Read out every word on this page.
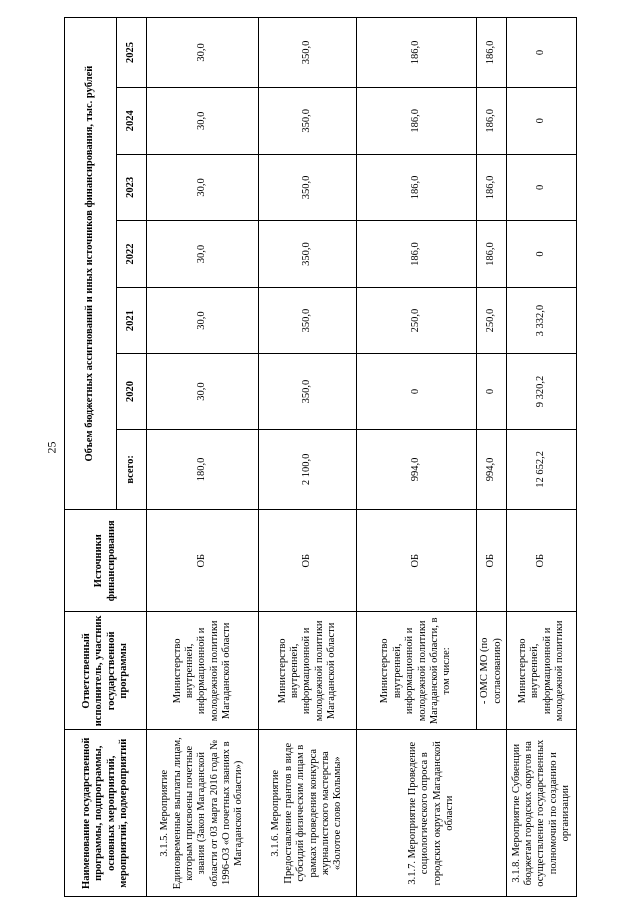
25
Наименование государственной программы, подпрограммы, основных мероприятий, мероприятий, подмероприятий	Ответственный исполнитель, участник государственной программы	Источники финансирования	Объем бюджетных ассигнований и иных источников финансирования, тыс. рублей						
			всего:	2020	2021	2022	2023	2024	2025
3.1.5. Мероприятие Единовременные выплаты лицам, которым присвоены почетные звания (Закон Магаданской области от 03 марта 2016 года № 1996-ОЗ «О почетных званиях в Магаданской области»)	Министерство внутренней, информационной и молодежной политики Магаданской области	ОБ	180,0	30,0	30,0	30,0	30,0	30,0	30,0
3.1.6. Мероприятие Предоставление грантов в виде субсидий физическим лицам в рамках проведения конкурса журналистского мастерства «Золотое слово Колымы»	Министерство внутренней, информационной и молодежной политики Магаданской области	ОБ	2 100,0	350,0	350,0	350,0	350,0	350,0	350,0
3.1.7. Мероприятие Проведение социологического опроса в городских округах Магаданской области	Министерство внутренней, информационной и молодежной политики Магаданской области, в том числе:	ОБ	994,0	0	250,0	186,0	186,0	186,0	186,0
	- ОМС МО (по согласованию)	ОБ	994,0	0	250,0	186,0	186,0	186,0	186,0
3.1.8. Мероприятие Субвенции бюджетам городских округов на осуществление государственных полномочий по созданию и организации	Министерство внутренней, информационной и молодежной политики	ОБ	12 652,2	9 320,2	3 332,0	0	0	0	0
